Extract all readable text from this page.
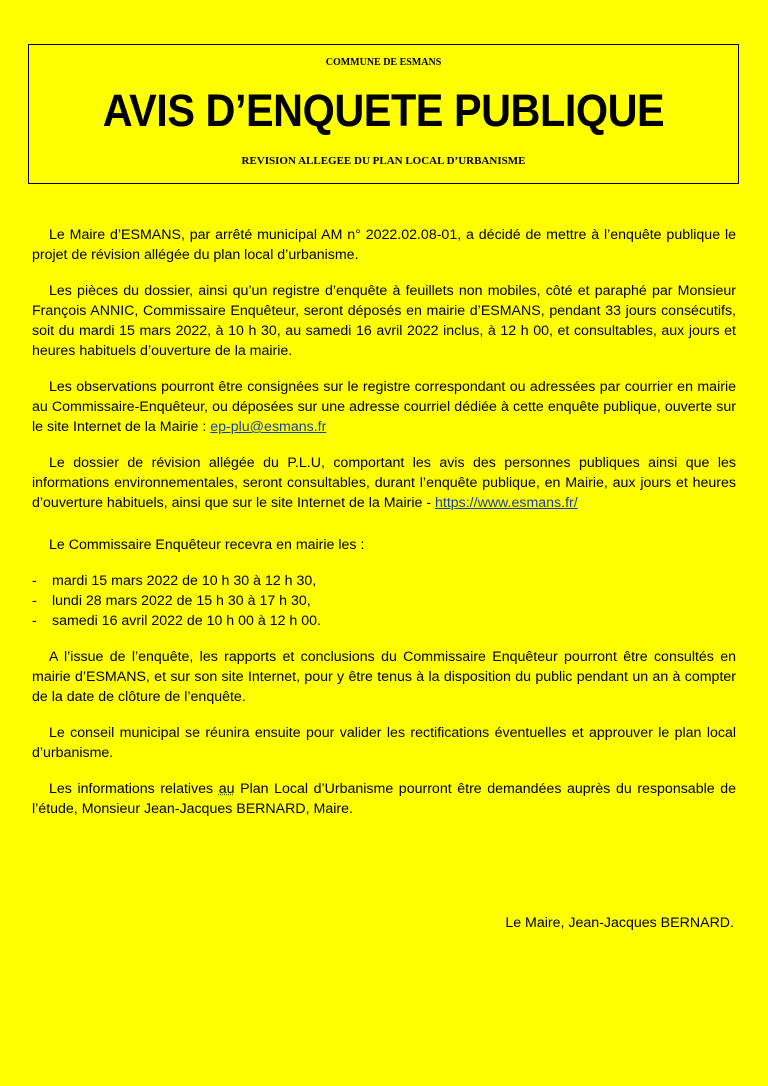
COMMUNE DE ESMANS
AVIS D’ENQUETE PUBLIQUE
REVISION ALLEGEE DU PLAN LOCAL D’URBANISME

Le Maire d’ESMANS, par arrêté municipal AM n° 2022.02.08-01, a décidé de mettre à l’enquête publique le projet de révision allégée du plan local d’urbanisme.

Les pièces du dossier, ainsi qu’un registre d’enquête à feuillets non mobiles, côté et paraphé par Monsieur François ANNIC, Commissaire Enquêteur, seront déposés en mairie d’ESMANS, pendant 33 jours consécutifs, soit du mardi 15 mars 2022, à 10 h 30, au samedi 16 avril 2022 inclus, à 12 h 00, et consultables, aux jours et heures habituels d’ouverture de la mairie.

Les observations pourront être consignées sur le registre correspondant ou adressées par courrier en mairie au Commissaire-Enquêteur, ou déposées sur une adresse courriel dédiée à cette enquête publique, ouverte sur le site Internet de la Mairie : ep-plu@esmans.fr

Le dossier de révision allégée du P.L.U, comportant les avis des personnes publiques ainsi que les informations environnementales, seront consultables, durant l’enquête publique, en Mairie, aux jours et heures d’ouverture habituels, ainsi que sur le site Internet de la Mairie - https://www.esmans.fr/

Le Commissaire Enquêteur recevra en mairie les :

- mardi 15 mars 2022 de 10 h 30 à 12 h 30,
- lundi 28 mars 2022 de 15 h 30 à 17 h 30,
- samedi 16 avril 2022 de 10 h 00 à 12 h 00.

A l’issue de l’enquête, les rapports et conclusions du Commissaire Enquêteur pourront être consultés en mairie d’ESMANS, et sur son site Internet, pour y être tenus à la disposition du public pendant un an à compter de la date de clôture de l’enquête.

Le conseil municipal se réunira ensuite pour valider les rectifications éventuelles et approuver le plan local d’urbanisme.

Les informations relatives au Plan Local d’Urbanisme pourront être demandées auprès du responsable de l’étude, Monsieur Jean-Jacques BERNARD, Maire.

Le Maire, Jean-Jacques BERNARD.
